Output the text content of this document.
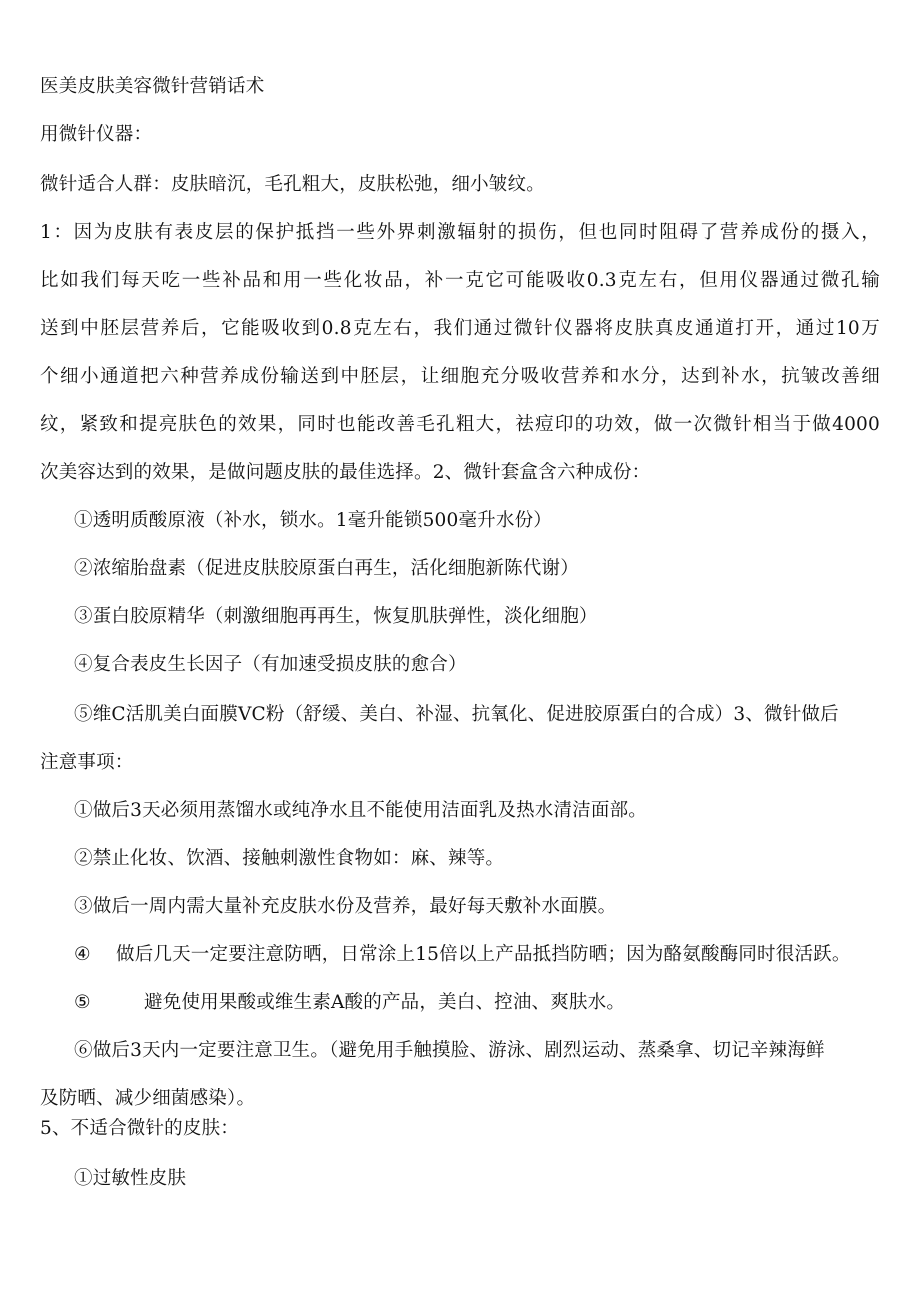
医美皮肤美容微针营销话术
用微针仪器：
微针适合人群：皮肤暗沉，毛孔粗大，皮肤松弛，细小皱纹。
1：因为皮肤有表皮层的保护抵挡一些外界刺激辐射的损伤，但也同时阻碍了营养成份的摄入，
比如我们每天吃一些补品和用一些化妆品，补一克它可能吸收0.3克左右，但用仪器通过微孔输
送到中胚层营养后，它能吸收到0.8克左右，我们通过微针仪器将皮肤真皮通道打开，通过10万
个细小通道把六种营养成份输送到中胚层，让细胞充分吸收营养和水分，达到补水，抗皱改善细
纹，紧致和提亮肤色的效果，同时也能改善毛孔粗大，祛痘印的功效，做一次微针相当于做4000
次美容达到的效果，是做问题皮肤的最佳选择。2、微针套盒含六种成份：
①透明质酸原液（补水，锁水。1毫升能锁500毫升水份）
②浓缩胎盘素（促进皮肤胶原蛋白再生，活化细胞新陈代谢）
③蛋白胶原精华（刺激细胞再再生，恢复肌肤弹性，淡化细胞）
④复合表皮生长因子（有加速受损皮肤的愈合）
⑤维C活肌美白面膜VC粉（舒缓、美白、补湿、抗氧化、促进胶原蛋白的合成）3、微针做后
注意事项：
①做后3天必须用蒸馏水或纯净水且不能使用洁面乳及热水清洁面部。
②禁止化妆、饮酒、接触刺激性食物如：麻、辣等。
③做后一周内需大量补充皮肤水份及营养，最好每天敷补水面膜。
④ 做后几天一定要注意防晒，日常涂上15倍以上产品抵挡防晒；因为酪氨酸酶同时很活跃。
⑤	避免使用果酸或维生素A酸的产品，美白、控油、爽肤水。
⑥做后3天内一定要注意卫生。（避免用手触摸脸、游泳、剧烈运动、蒸桑拿、切记辛辣海鲜
及防晒、减少细菌感染）。
5、不适合微针的皮肤：
①过敏性皮肤
